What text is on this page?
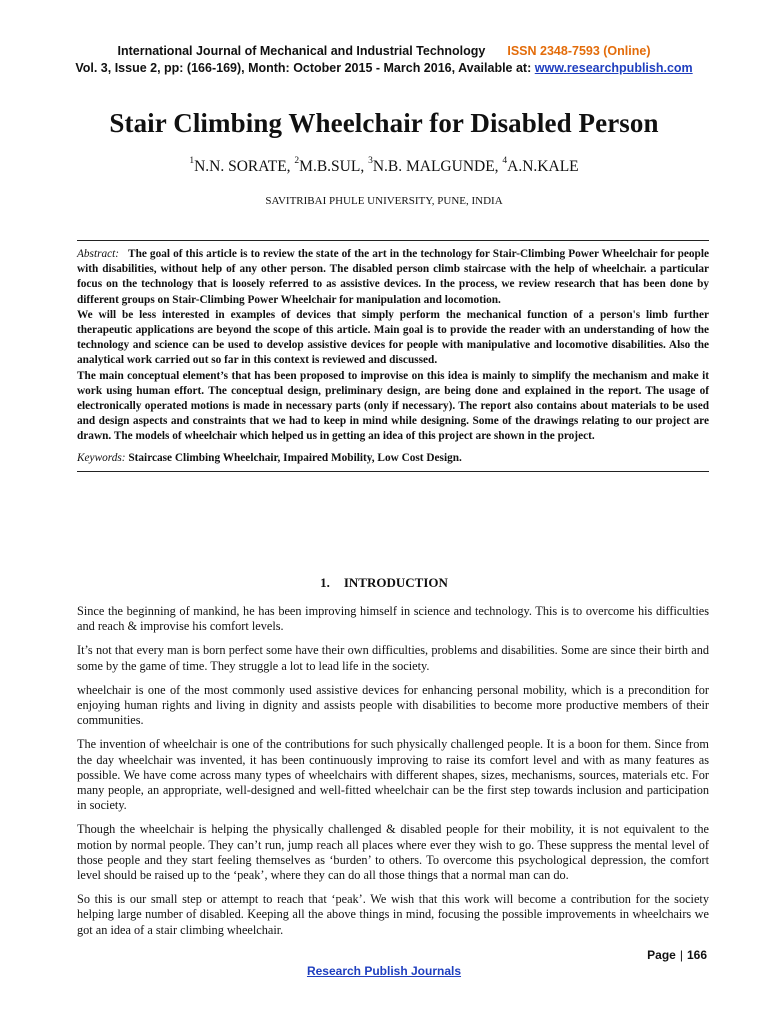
International Journal of Mechanical and Industrial Technology ISSN 2348-7593 (Online)
Vol. 3, Issue 2, pp: (166-169), Month: October 2015 - March 2016, Available at: www.researchpublish.com
Stair Climbing Wheelchair for Disabled Person
$^1$N.N. SORATE, $^2$M.B.SUL, $^3$N.B. MALGUNDE, $^4$A.N.KALE
SAVITRIBAI PHULE UNIVERSITY, PUNE, INDIA

Abstract: The goal of this article is to review the state of the art in the technology for Stair-Climbing Power Wheelchair for people with disabilities, without help of any other person. The disabled person climb staircase with the help of wheelchair. a particular focus on the technology that is loosely referred to as assistive devices. In the process, we review research that has been done by different groups on Stair-Climbing Power Wheelchair for manipulation and locomotion.

We will be less interested in examples of devices that simply perform the mechanical function of a person's limb further therapeutic applications are beyond the scope of this article. Main goal is to provide the reader with an understanding of how the technology and science can be used to develop assistive devices for people with manipulative and locomotive disabilities. Also the analytical work carried out so far in this context is reviewed and discussed.

The main conceptual element’s that has been proposed to improvise on this idea is mainly to simplify the mechanism and make it work using human effort. The conceptual design, preliminary design, are being done and explained in the report. The usage of electronically operated motions is made in necessary parts (only if necessary). The report also contains about materials to be used and design aspects and constraints that we had to keep in mind while designing. Some of the drawings relating to our project are drawn. The models of wheelchair which helped us in getting an idea of this project are shown in the project.

Keywords: Staircase Climbing Wheelchair, Impaired Mobility, Low Cost Design.

1. INTRODUCTION

Since the beginning of mankind, he has been improving himself in science and technology. This is to overcome his difficulties and reach & improvise his comfort levels.

It’s not that every man is born perfect some have their own difficulties, problems and disabilities. Some are since their birth and some by the game of time. They struggle a lot to lead life in the society.

wheelchair is one of the most commonly used assistive devices for enhancing personal mobility, which is a precondition for enjoying human rights and living in dignity and assists people with disabilities to become more productive members of their communities.

The invention of wheelchair is one of the contributions for such physically challenged people. It is a boon for them. Since from the day wheelchair was invented, it has been continuously improving to raise its comfort level and with as many features as possible. We have come across many types of wheelchairs with different shapes, sizes, mechanisms, sources, materials etc. For many people, an appropriate, well-designed and well-fitted wheelchair can be the first step towards inclusion and participation in society.

Though the wheelchair is helping the physically challenged & disabled people for their mobility, it is not equivalent to the motion by normal people. They can’t run, jump reach all places where ever they wish to go. These suppress the mental level of those people and they start feeling themselves as ‘burden’ to others. To overcome this psychological depression, the comfort level should be raised up to the ‘peak’, where they can do all those things that a normal man can do.

So this is our small step or attempt to reach that ‘peak’. We wish that this work will become a contribution for the society helping large number of disabled. Keeping all the above things in mind, focusing the possible improvements in wheelchairs we got an idea of a stair climbing wheelchair.

Page | 166
Research Publish Journals
